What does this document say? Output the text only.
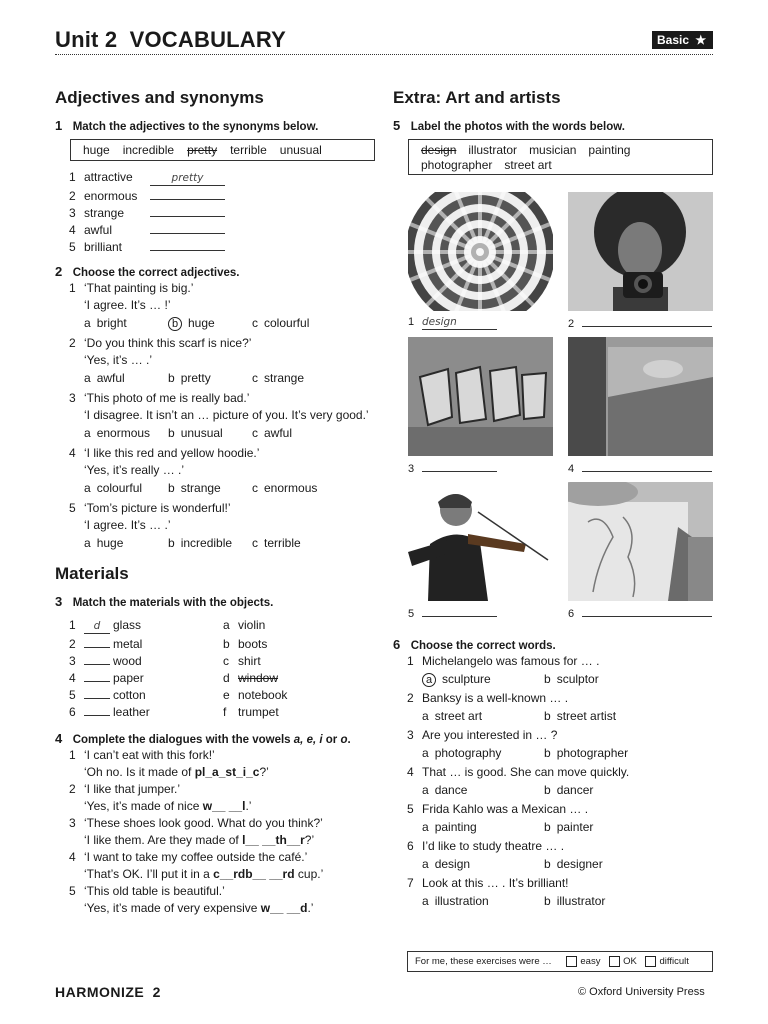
Unit 2 VOCABULARY	Basic ★
Adjectives and synonyms
1 Match the adjectives to the synonyms below.
huge incredible pretty terrible unusual
1 attractive	pretty
2 enormous
3 strange
4 awful
5 brilliant
2 Choose the correct adjectives.
1 ‘That painting is big.’
‘I agree. It’s … !’
a bright	b huge	c colourful
2 ‘Do you think this scarf is nice?’
‘Yes, it’s … .’
a awful	b pretty	c strange
3 ‘This photo of me is really bad.’
‘I disagree. It isn’t an … picture of you. It’s very good.’
a enormous b unusual c awful
4 ‘I like this red and yellow hoodie.’
‘Yes, it’s really … .’
a colourful b strange	c enormous
5 ‘Tom’s picture is wonderful!’
‘I agree. It’s … .’
a huge	b incredible c terrible
Materials
3 Match the materials with the objects.
1 d glass	a violin
2	metal	b boots
3	wood	c shirt
4	paper	d window
5	cotton	e notebook
6	leather	f trumpet
4 Complete the dialogues with the vowels a, e, i or o.
1 ‘I can’t eat with this fork!’
‘Oh no. Is it made of pl_a_st_i_c?’
2 ‘I like that jumper.’
‘Yes, it’s made of nice w__ __l.’
3 ‘These shoes look good. What do you think?’
‘I like them. Are they made of l__ __th__r?’
4 ‘I want to take my coffee outside the café.’
‘That’s OK. I’ll put it in a c__rdb__ __rd cup.’
5 ‘This old table is beautiful.’
‘Yes, it’s made of very expensive w__ __d.’
Extra: Art and artists
5 Label the photos with the words below.
design illustrator musician painting
photographer street art
1 design	2
3	4
5	6
6 Choose the correct words.
1 Michelangelo was famous for … .
a sculpture	b sculptor
2 Banksy is a well-known … .
a street art	b street artist
3 Are you interested in … ?
a photography	b photographer
4 That … is good. She can move quickly.
a dance	b dancer
5 Frida Kahlo was a Mexican … .
a painting	b painter
6 I’d like to study theatre … .
a design	b designer
7 Look at this … . It’s brilliant!
a illustration	b illustrator
For me, these exercises were …	easy OK difficult
HARMONIZE 2	© Oxford University Press
